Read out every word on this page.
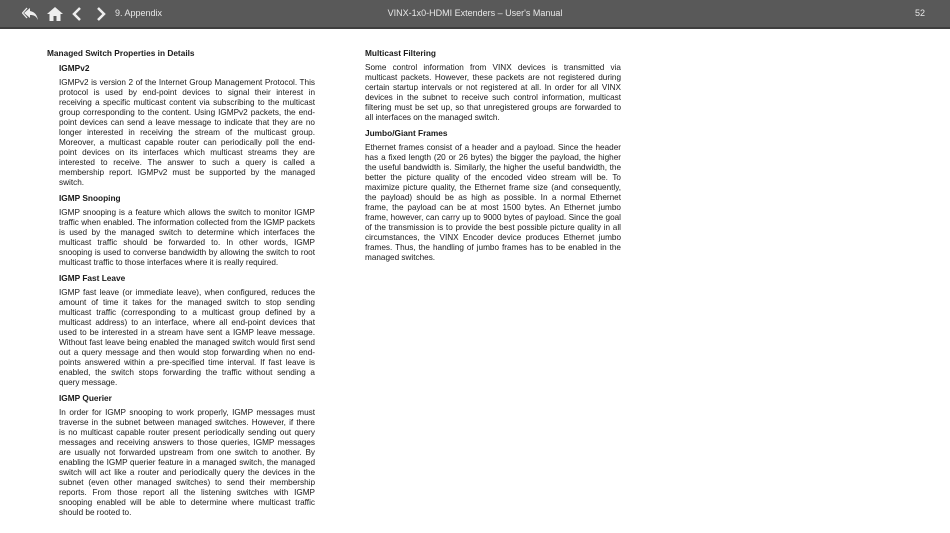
9. Appendix	VINX-1x0-HDMI Extenders – User's Manual	52
Managed Switch Properties in Details
IGMPv2
IGMPv2 is version 2 of the Internet Group Management Protocol. This protocol is used by end-point devices to signal their interest in receiving a specific multicast content via subscribing to the multicast group corresponding to the content. Using IGMPv2 packets, the end-point devices can send a leave message to indicate that they are no longer interested in receiving the stream of the multicast group. Moreover, a multicast capable router can periodically poll the end-point devices on its interfaces which multicast streams they are interested to receive. The answer to such a query is called a membership report. IGMPv2 must be supported by the managed switch.
IGMP Snooping
IGMP snooping is a feature which allows the switch to monitor IGMP traffic when enabled. The information collected from the IGMP packets is used by the managed switch to determine which interfaces the multicast traffic should be forwarded to. In other words, IGMP snooping is used to converse bandwidth by allowing the switch to root multicast traffic to those interfaces where it is really required.
IGMP Fast Leave
IGMP fast leave (or immediate leave), when configured, reduces the amount of time it takes for the managed switch to stop sending multicast traffic (corresponding to a multicast group defined by a multicast address) to an interface, where all end-point devices that used to be interested in a stream have sent a IGMP leave message. Without fast leave being enabled the managed switch would first send out a query message and then would stop forwarding when no end-points answered within a pre-specified time interval. If fast leave is enabled, the switch stops forwarding the traffic without sending a query message.
IGMP Querier
In order for IGMP snooping to work properly, IGMP messages must traverse in the subnet between managed switches. However, if there is no multicast capable router present periodically sending out query messages and receiving answers to those queries, IGMP messages are usually not forwarded upstream from one switch to another. By enabling the IGMP querier feature in a managed switch, the managed switch will act like a router and periodically query the devices in the subnet (even other managed switches) to send their membership reports. From those report all the listening switches with IGMP snooping enabled will be able to determine where multicast traffic should be rooted to.
Multicast Filtering
Some control information from VINX devices is transmitted via multicast packets. However, these packets are not registered during certain startup intervals or not registered at all. In order for all VINX devices in the subnet to receive such control information, multicast filtering must be set up, so that unregistered groups are forwarded to all interfaces on the managed switch.
Jumbo/Giant Frames
Ethernet frames consist of a header and a payload. Since the header has a fixed length (20 or 26 bytes) the bigger the payload, the higher the useful bandwidth is. Similarly, the higher the useful bandwidth, the better the picture quality of the encoded video stream will be. To maximize picture quality, the Ethernet frame size (and consequently, the payload) should be as high as possible. In a normal Ethernet frame, the payload can be at most 1500 bytes. An Ethernet jumbo frame, however, can carry up to 9000 bytes of payload. Since the goal of the transmission is to provide the best possible picture quality in all circumstances, the VINX Encoder device produces Ethernet jumbo frames. Thus, the handling of jumbo frames has to be enabled in the managed switches.
